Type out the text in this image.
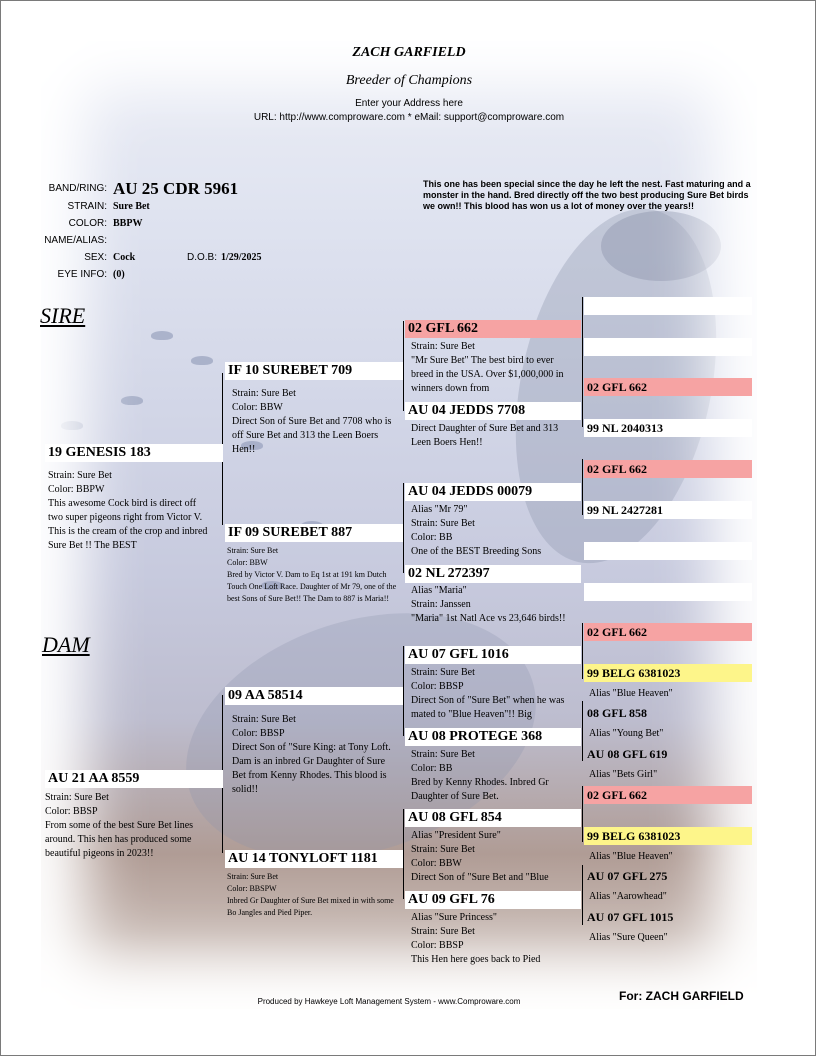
ZACH GARFIELD
Breeder of Champions
Enter your Address here
URL: http://www.comproware.com * eMail: support@comproware.com
BAND/RING: AU 25 CDR 5961
STRAIN: Sure Bet
COLOR: BBPW
NAME/ALIAS:
SEX: Cock	D.O.B: 1/29/2025
EYE INFO: (0)
This one has been special since the day he left the nest. Fast maturing and a monster in the hand. Bred directly off the two best producing Sure Bet birds we own!! This blood has won us a lot of money over the years!!
SIRE
DAM
19 GENESIS 183
Strain: Sure Bet
Color: BBPW
This awesome Cock bird is direct off two super pigeons right from Victor V. This is the cream of the crop and inbred Sure Bet !! The BEST
AU 21 AA 8559
Strain: Sure Bet
Color: BBSP
From some of the best Sure Bet lines around. This hen has produced some beautiful pigeons in 2023!!
IF 10 SUREBET 709
Strain: Sure Bet
Color: BBW
Direct Son of Sure Bet and 7708 who is off Sure Bet and 313 the Leen Boers Hen!!
IF 09 SUREBET 887
Strain: Sure Bet
Color: BBW
Bred by Victor V. Dam to Eq 1st at 191 km Dutch Touch One Loft Race. Daughter of Mr 79, one of the best Sons of Sure Bet!! The Dam to 887 is Maria!!
09 AA 58514
Strain: Sure Bet
Color: BBSP
Direct Son of "Sure King: at Tony Loft. Dam is an inbred Gr Daughter of Sure Bet from Kenny Rhodes. This blood is solid!!
AU 14 TONYLOFT 1181
Strain: Sure Bet
Color: BBSPW
Inbred Gr Daughter of Sure Bet mixed in with some Bo Jangles and Pied Piper.
02 GFL 662
Strain: Sure Bet
"Mr Sure Bet" The best bird to ever breed in the USA. Over $1,000,000 in winners down from
AU 04 JEDDS 7708
Direct Daughter of Sure Bet and 313 Leen Boers Hen!!
AU 04 JEDDS 00079
Alias "Mr 79"
Strain: Sure Bet
Color: BB
One of the BEST Breeding Sons
02 NL 272397
Alias "Maria"
Strain: Janssen
"Maria" 1st Natl Ace vs 23,646 birds!!
AU 07 GFL 1016
Strain: Sure Bet
Color: BBSP
Direct Son of "Sure Bet" when he was mated to "Blue Heaven"!! Big
AU 08 PROTEGE 368
Strain: Sure Bet
Color: BB
Bred by Kenny Rhodes. Inbred Gr Daughter of Sure Bet.
AU 08 GFL 854
Alias "President Sure"
Strain: Sure Bet
Color: BBW
Direct Son of "Sure Bet and "Blue
AU 09 GFL 76
Alias "Sure Princess"
Strain: Sure Bet
Color: BBSP
This Hen here goes back to Pied
02 GFL 662
99 NL 2040313
02 GFL 662
99 NL 2427281
02 GFL 662
99 BELG 6381023
Alias "Blue Heaven"
08 GFL 858
Alias "Young Bet"
AU 08 GFL 619
Alias "Bets Girl"
02 GFL 662
99 BELG 6381023
Alias "Blue Heaven"
AU 07 GFL 275
Alias "Aarowhead"
AU 07 GFL 1015
Alias "Sure Queen"
Produced by Hawkeye Loft Management System - www.Comproware.com	For: ZACH GARFIELD
